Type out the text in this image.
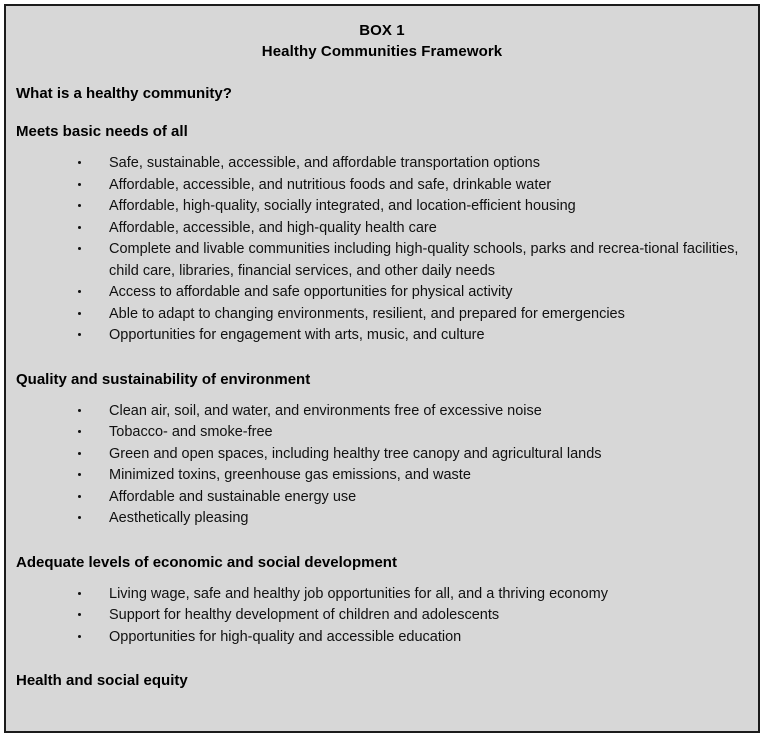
BOX 1
Healthy Communities Framework
What is a healthy community?
Meets basic needs of all
Safe, sustainable, accessible, and affordable transportation options
Affordable, accessible, and nutritious foods and safe, drinkable water
Affordable, high-quality, socially integrated, and location-efficient housing
Affordable, accessible, and high-quality health care
Complete and livable communities including high-quality schools, parks and recrea-tional facilities, child care, libraries, financial services, and other daily needs
Access to affordable and safe opportunities for physical activity
Able to adapt to changing environments, resilient, and prepared for emergencies
Opportunities for engagement with arts, music, and culture
Quality and sustainability of environment
Clean air, soil, and water, and environments free of excessive noise
Tobacco- and smoke-free
Green and open spaces, including healthy tree canopy and agricultural lands
Minimized toxins, greenhouse gas emissions, and waste
Affordable and sustainable energy use
Aesthetically pleasing
Adequate levels of economic and social development
Living wage, safe and healthy job opportunities for all, and a thriving economy
Support for healthy development of children and adolescents
Opportunities for high-quality and accessible education
Health and social equity
